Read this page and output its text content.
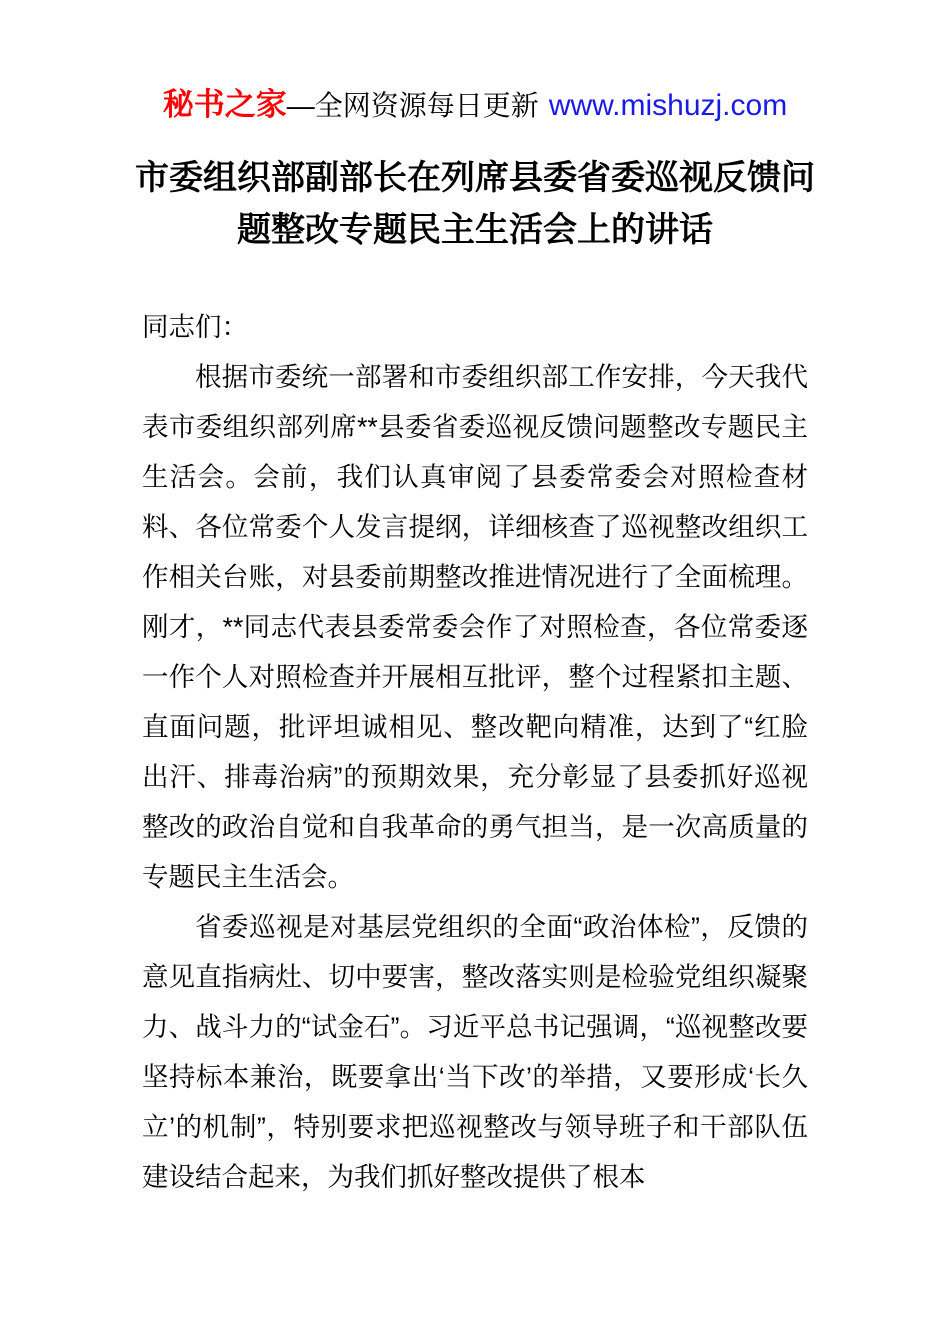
秘书之家—全网资源每日更新 www.mishuzj.com
市委组织部副部长在列席县委省委巡视反馈问题整改专题民主生活会上的讲话

同志们：

根据市委统一部署和市委组织部工作安排，今天我代表市委组织部列席**县委省委巡视反馈问题整改专题民主生活会。会前，我们认真审阅了县委常委会对照检查材料、各位常委个人发言提纲，详细核查了巡视整改组织工作相关台账，对县委前期整改推进情况进行了全面梳理。刚才，**同志代表县委常委会作了对照检查，各位常委逐一作个人对照检查并开展相互批评，整个过程紧扣主题、直面问题，批评坦诚相见、整改靶向精准，达到了“红脸出汗、排毒治病”的预期效果，充分彰显了县委抓好巡视整改的政治自觉和自我革命的勇气担当，是一次高质量的专题民主生活会。

省委巡视是对基层党组织的全面“政治体检”，反馈的意见直指病灶、切中要害，整改落实则是检验党组织凝聚力、战斗力的“试金石”。习近平总书记强调，“巡视整改要坚持标本兼治，既要拿出‘当下改’的举措，又要形成‘长久立’的机制”，特别要求把巡视整改与领导班子和干部队伍建设结合起来，为我们抓好整改提供了根本
